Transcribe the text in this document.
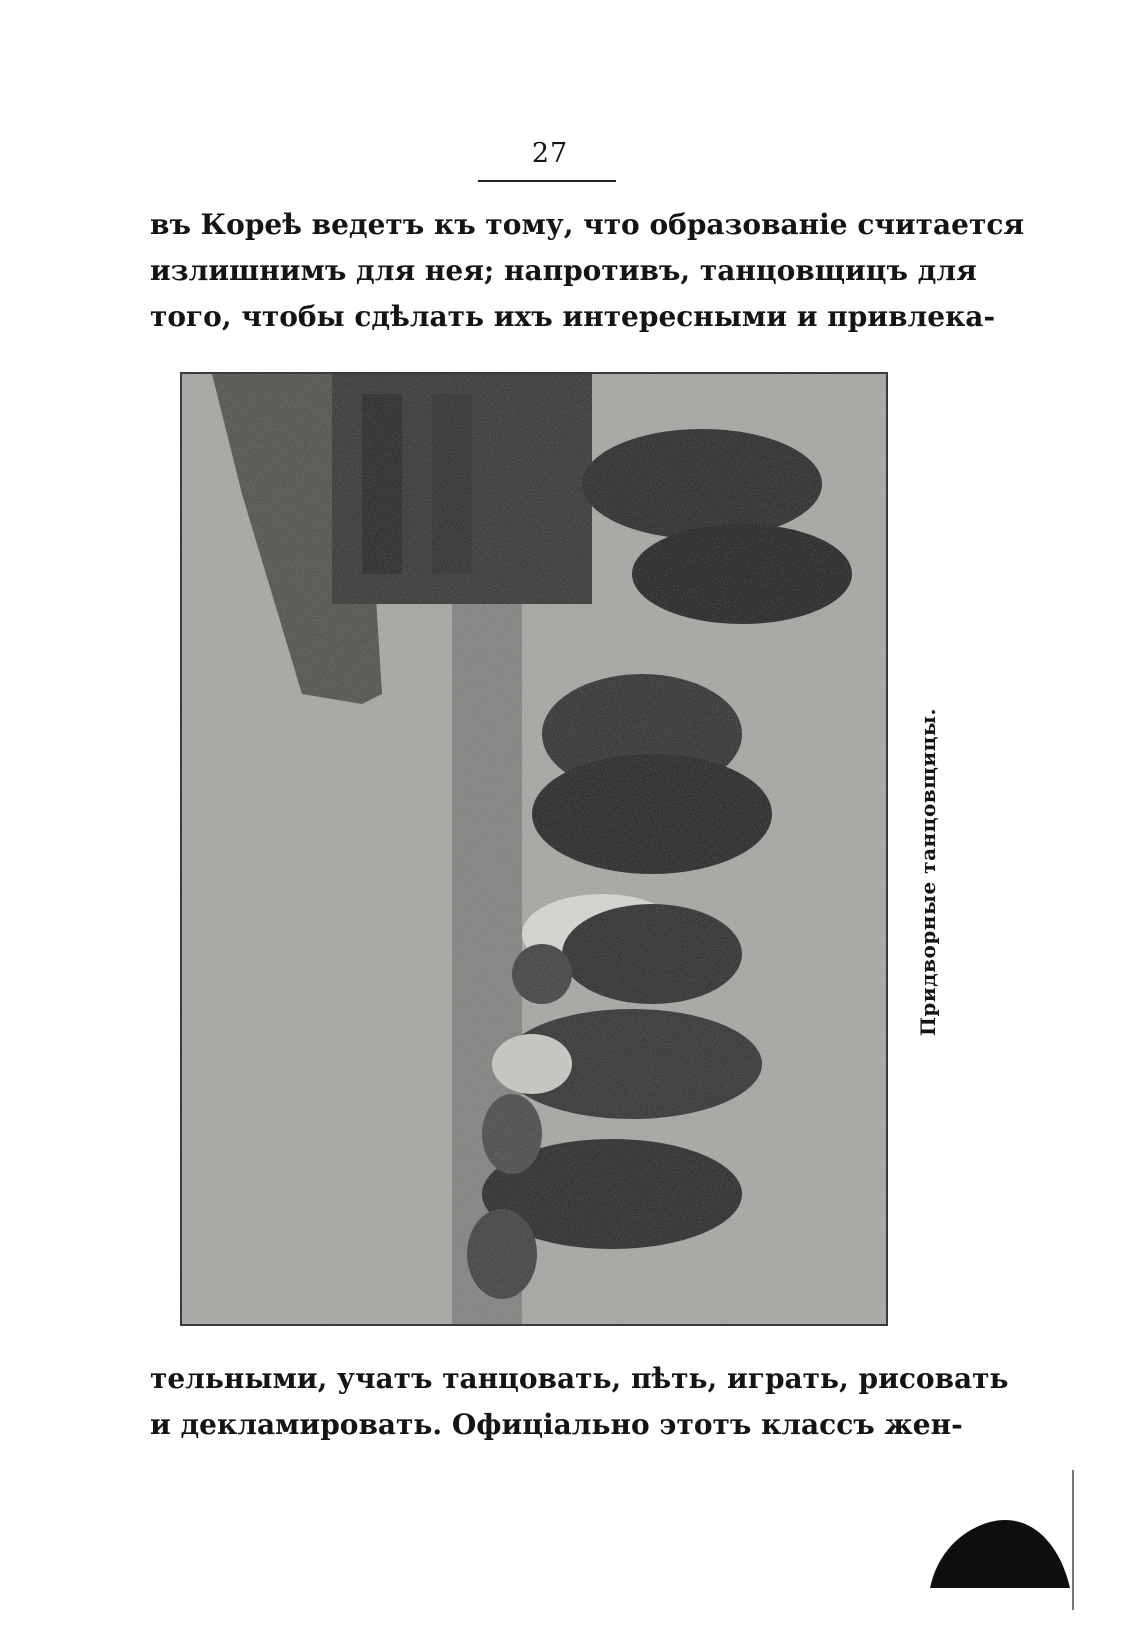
27
въ Кореѣ ведетъ къ тому, что образованіе считается
излишнимъ для нея; напротивъ, танцовщицъ для
того, чтобы сдѣлать ихъ интересными и привлека-
Придворные танцовщицы.
тельными, учатъ танцовать, пѣть, играть, рисовать
и декламировать. Офиціально этотъ классъ жен-
